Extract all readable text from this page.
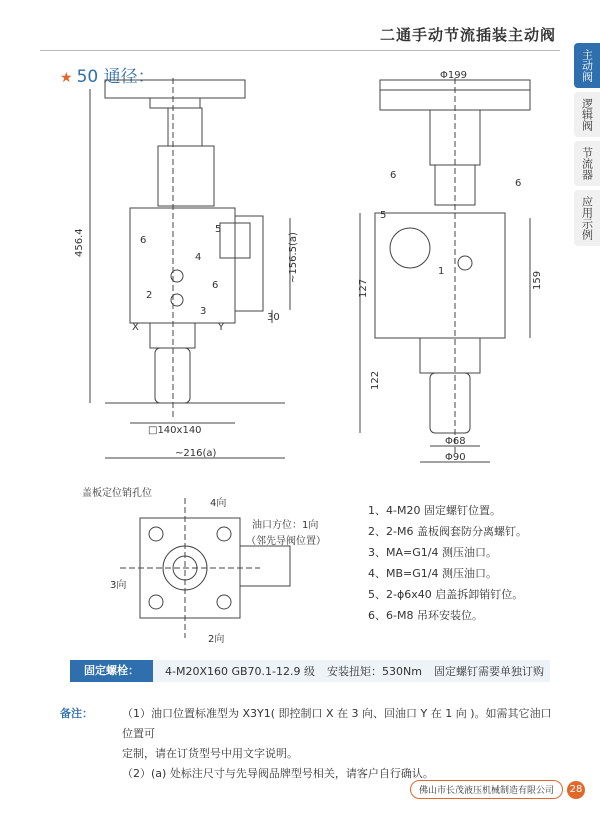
二通手动节流插装主动阀
主动阀
逻辑阀
节流器
应用示例
★ 50 通径：
456.4	~156.5(a)
30
□140x140
~216(a)
X	Y
6
2
4
3
5
6
Φ199
6
6
5
1
127
122
159
Φ68
Φ90
盖板定位销孔位
4向
油口方位：1向
（邻先导阀位置）
3向
2向
1、4-M20 固定螺钉位置。
2、2-M6 盖板阀套防分离螺钉。
3、MA=G1/4 测压油口。
4、MB=G1/4 测压油口。
5、2-ϕ6x40 启盖拆卸销钉位。
6、6-M8 吊环安装位。
固定螺栓：	4-M20X160 GB70.1-12.9 级 安装扭矩：530Nm 固定螺钉需要单独订购
备注：	（1）油口位置标准型为 X3Y1( 即控制口 X 在 3 向、回油口 Y 在 1 向 )。如需其它油口位置可
定制，请在订货型号中用文字说明。
（2）(a) 处标注尺寸与先导阀品牌型号相关，请客户自行确认。
佛山市长茂液压机械制造有限公司	28
